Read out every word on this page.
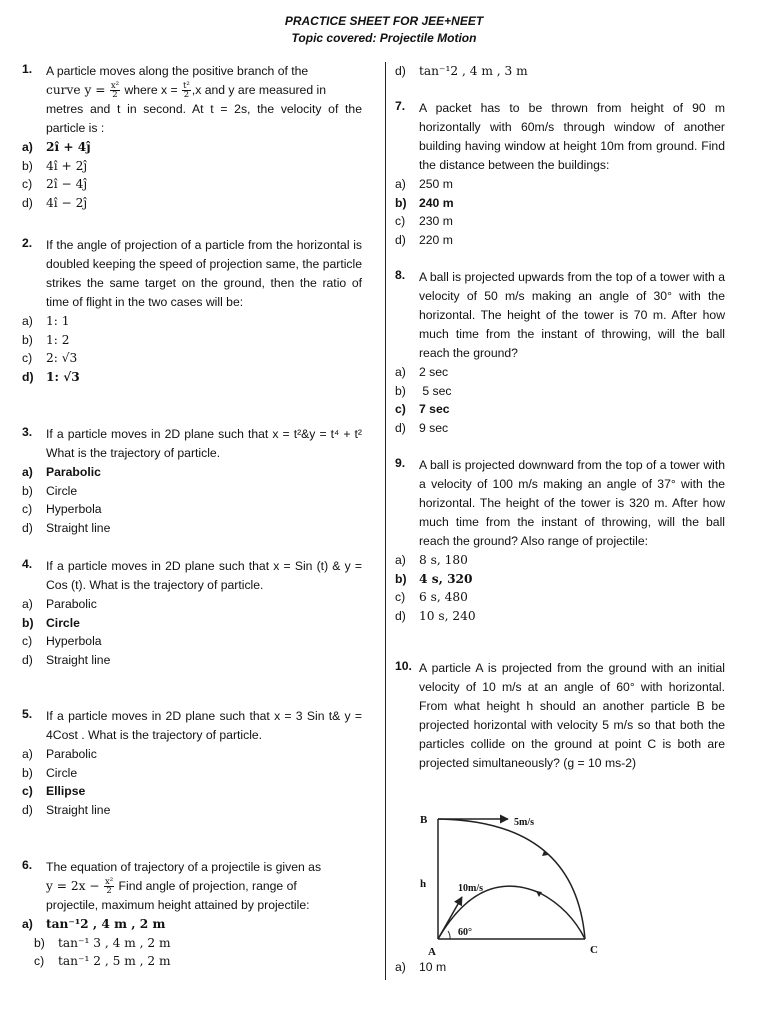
PRACTICE SHEET FOR JEE+NEET
Topic covered: Projectile Motion
1. A particle moves along the positive branch of the
curve $y = \frac{\text{x²}}{2}$ where $x = \frac{\text{t²}}{2} ,x$ and y are measured in
metres and t in second. At t = 2s, the velocity of the particle is :
a) 2î + 4ĵ
b) 4î + 2ĵ
c) 2î − 4ĵ
d) 4î − 2ĵ
2. If the angle of projection of a particle from the horizontal is doubled keeping the speed of projection same, the particle strikes the same target on the ground, then the ratio of time of flight in the two cases will be:
a) 1: 1
b) 1: 2
c) 2: √3
d) 1: √3
3. If a particle moves in 2D plane such that x = t²&y = t⁴ + t² What is the trajectory of particle.
a) Parabolic
b) Circle
c) Hyperbola
d) Straight line
4. If a particle moves in 2D plane such that x = Sin (t) & y = Cos (t). What is the trajectory of particle.
a) Parabolic
b) Circle
c) Hyperbola
d) Straight line
5. If a particle moves in 2D plane such that x = 3 Sin t& y = 4Cost . What is the trajectory of particle.
a) Parabolic
b) Circle
c) Ellipse
d) Straight line
6. The equation of trajectory of a projectile is given as
$y = 2x - \frac{\text{x²}}{2}$ Find angle of projection, range of
projectile, maximum height attained by projectile:
a) tan⁻¹2 , 4 m , 2 m
b) tan⁻¹ 3 , 4 m , 2 m
c) tan⁻¹ 2 , 5 m , 2 m
d) tan⁻¹2 , 4 m , 3 m
7. A packet has to be thrown from height of 90 m horizontally with 60m/s through window of another building having window at height 10m from ground. Find the distance between the buildings:
a) 250 m
b) 240 m
c) 230 m
d) 220 m
8. A ball is projected upwards from the top of a tower with a velocity of 50 m/s making an angle of 30° with the horizontal. The height of the tower is 70 m. After how much time from the instant of throwing, will the ball reach the ground?
a) 2 sec
b) 5 sec
c) 7 sec
d) 9 sec
9. A ball is projected downward from the top of a tower with a velocity of 100 m/s making an angle of 37° with the horizontal. The height of the tower is 320 m. After how much time from the instant of throwing, will the ball reach the ground? Also range of projectile:
a) 8 s, 180
b) 4 s, 320
c) 6 s, 480
d) 10 s, 240
10. A particle A is projected from the ground with an initial velocity of 10 m/s at an angle of 60° with horizontal. From what height h should an another particle B be projected horizontal with velocity 5 m/s so that both the particles collide on the ground at point C is both are projected simultaneously? (g = 10 ms-2)
B
h
A	C
5m/s
10m/s
60°
a) 10 m
